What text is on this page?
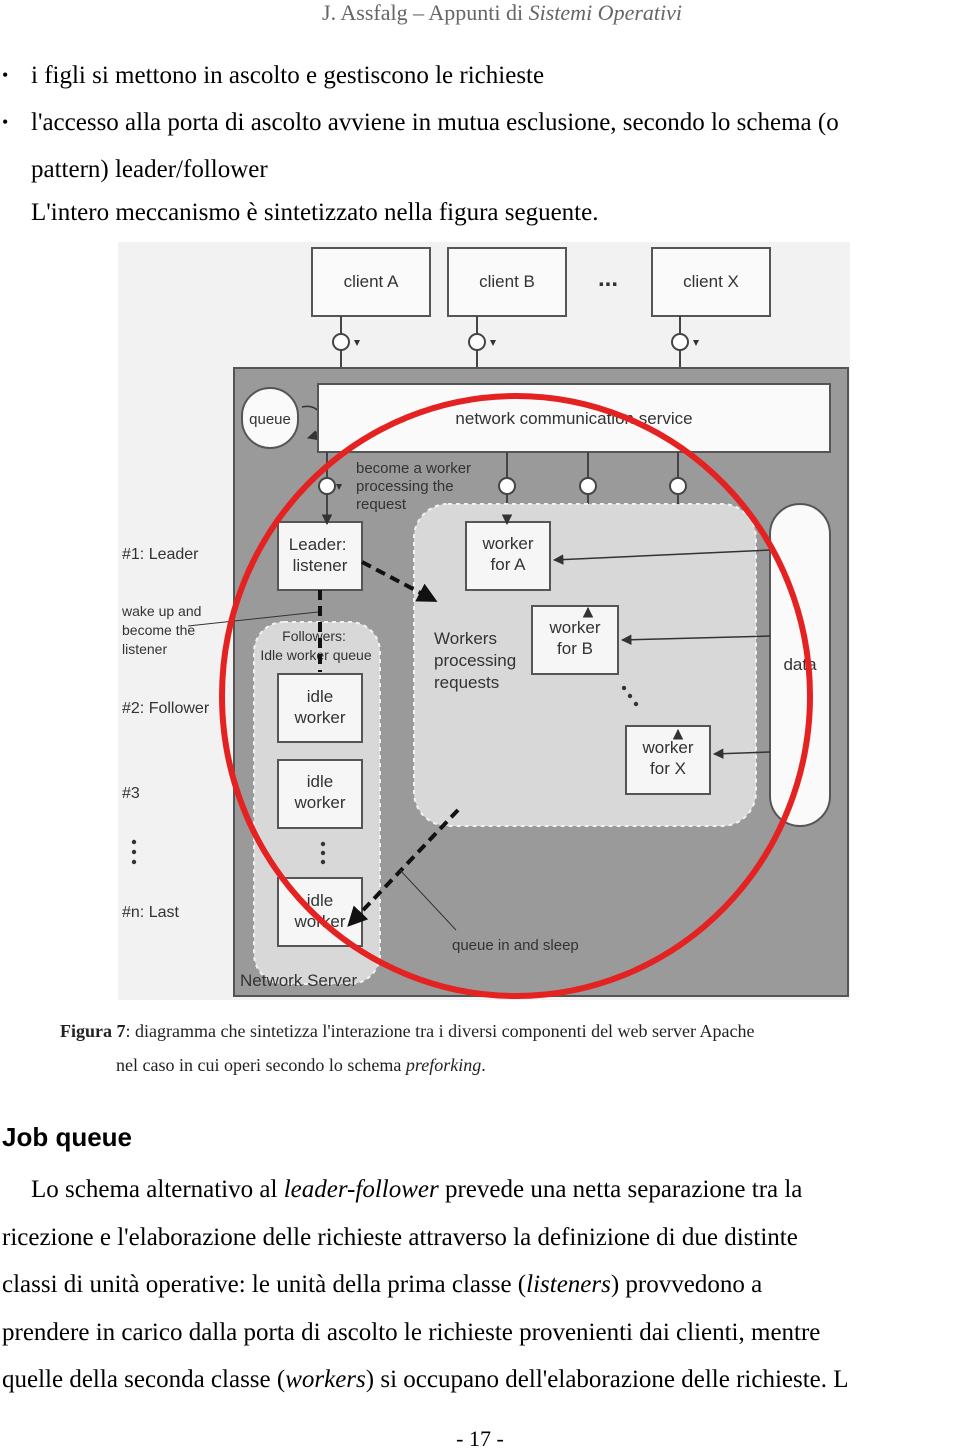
J. Assfalg – Appunti di Sistemi Operativi
• i figli si mettono in ascolto e gestiscono le richieste
• l'accesso alla porta di ascolto avviene in mutua esclusione, secondo lo schema (o
pattern) leader/follower
L'intero meccanismo è sintetizzato nella figura seguente.
client A	client B	...	client X
queue	network communication service
become a worker processing the request
Leader: listener
#1: Leader
wake up and become the listener
Followers: Idle worker queue
idle worker
idle worker
idle worker
#2: Follower
#3
#n: Last
Workers processing requests
worker for A
worker for B
worker for X
data
queue in and sleep
Network Server
Figura 7: diagramma che sintetizza l'interazione tra i diversi componenti del web server Apache
nel caso in cui operi secondo lo schema preforking.
Job queue
Lo schema alternativo al leader-follower prevede una netta separazione tra la
ricezione e l'elaborazione delle richieste attraverso la definizione di due distinte
classi di unità operative: le unità della prima classe (listeners) provvedono a
prendere in carico dalla porta di ascolto le richieste provenienti dai clienti, mentre
quelle della seconda classe (workers) si occupano dell'elaborazione delle richieste. L
- 17 -
